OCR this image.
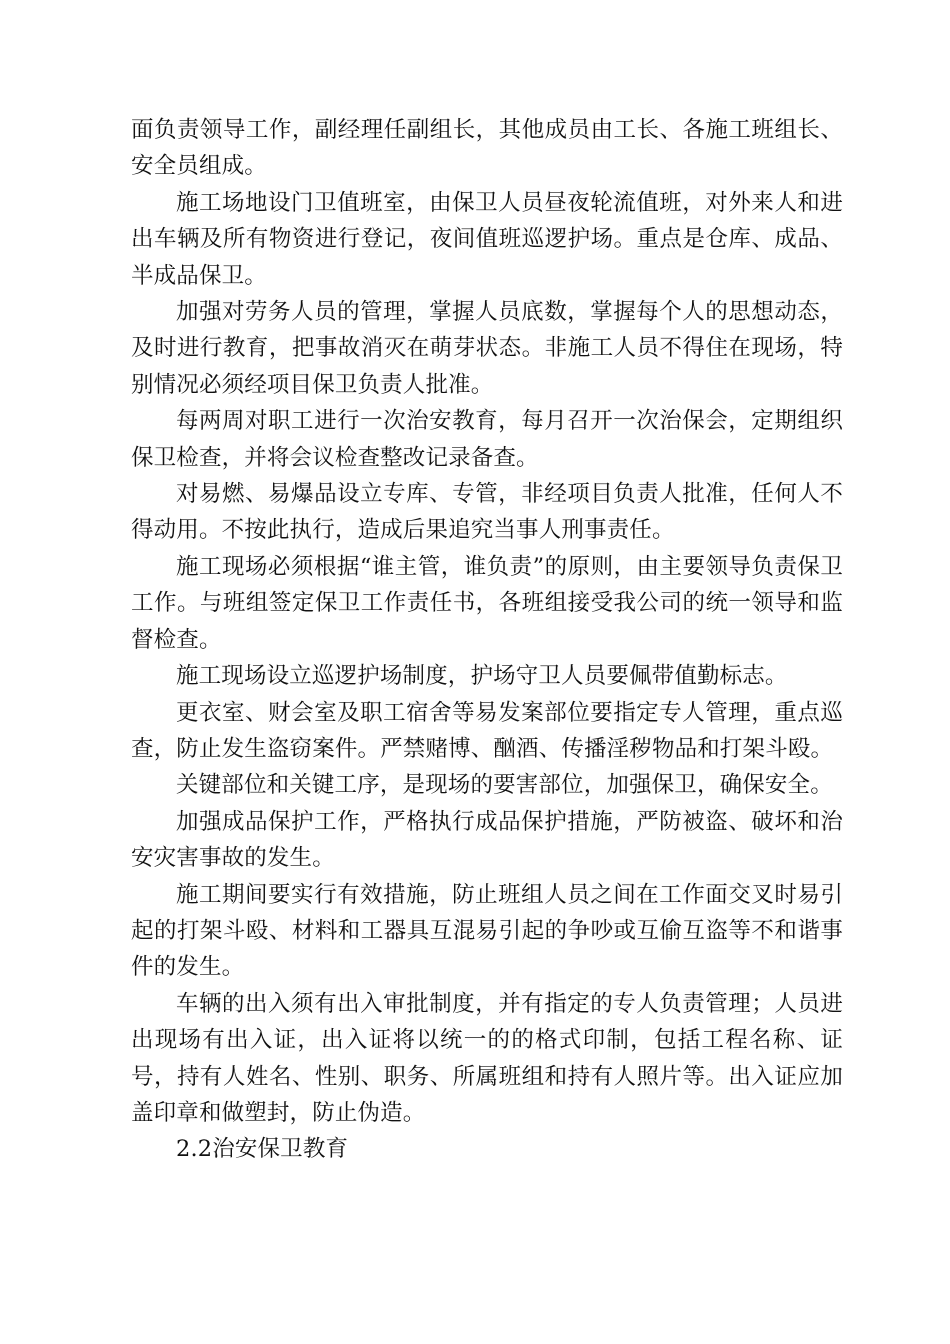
面负责领导工作，副经理任副组长，其他成员由工长、各施工班组长、安全员组成。

施工场地设门卫值班室，由保卫人员昼夜轮流值班，对外来人和进出车辆及所有物资进行登记，夜间值班巡逻护场。重点是仓库、成品、半成品保卫。

加强对劳务人员的管理，掌握人员底数，掌握每个人的思想动态，及时进行教育，把事故消灭在萌芽状态。非施工人员不得住在现场，特别情况必须经项目保卫负责人批准。

每两周对职工进行一次治安教育，每月召开一次治保会，定期组织保卫检查，并将会议检查整改记录备查。

对易燃、易爆品设立专库、专管，非经项目负责人批准，任何人不得动用。不按此执行，造成后果追究当事人刑事责任。

施工现场必须根据“谁主管，谁负责”的原则，由主要领导负责保卫工作。与班组签定保卫工作责任书，各班组接受我公司的统一领导和监督检查。

施工现场设立巡逻护场制度，护场守卫人员要佩带值勤标志。

更衣室、财会室及职工宿舍等易发案部位要指定专人管理，重点巡查，防止发生盗窃案件。严禁赌博、酗酒、传播淫秽物品和打架斗殴。

关键部位和关键工序，是现场的要害部位，加强保卫，确保安全。

加强成品保护工作，严格执行成品保护措施，严防被盗、破坏和治安灾害事故的发生。

施工期间要实行有效措施，防止班组人员之间在工作面交叉时易引起的打架斗殴、材料和工器具互混易引起的争吵或互偷互盗等不和谐事件的发生。

车辆的出入须有出入审批制度，并有指定的专人负责管理；人员进出现场有出入证，出入证将以统一的的格式印制，包括工程名称、证号，持有人姓名、性别、职务、所属班组和持有人照片等。出入证应加盖印章和做塑封，防止伪造。

2.2治安保卫教育
